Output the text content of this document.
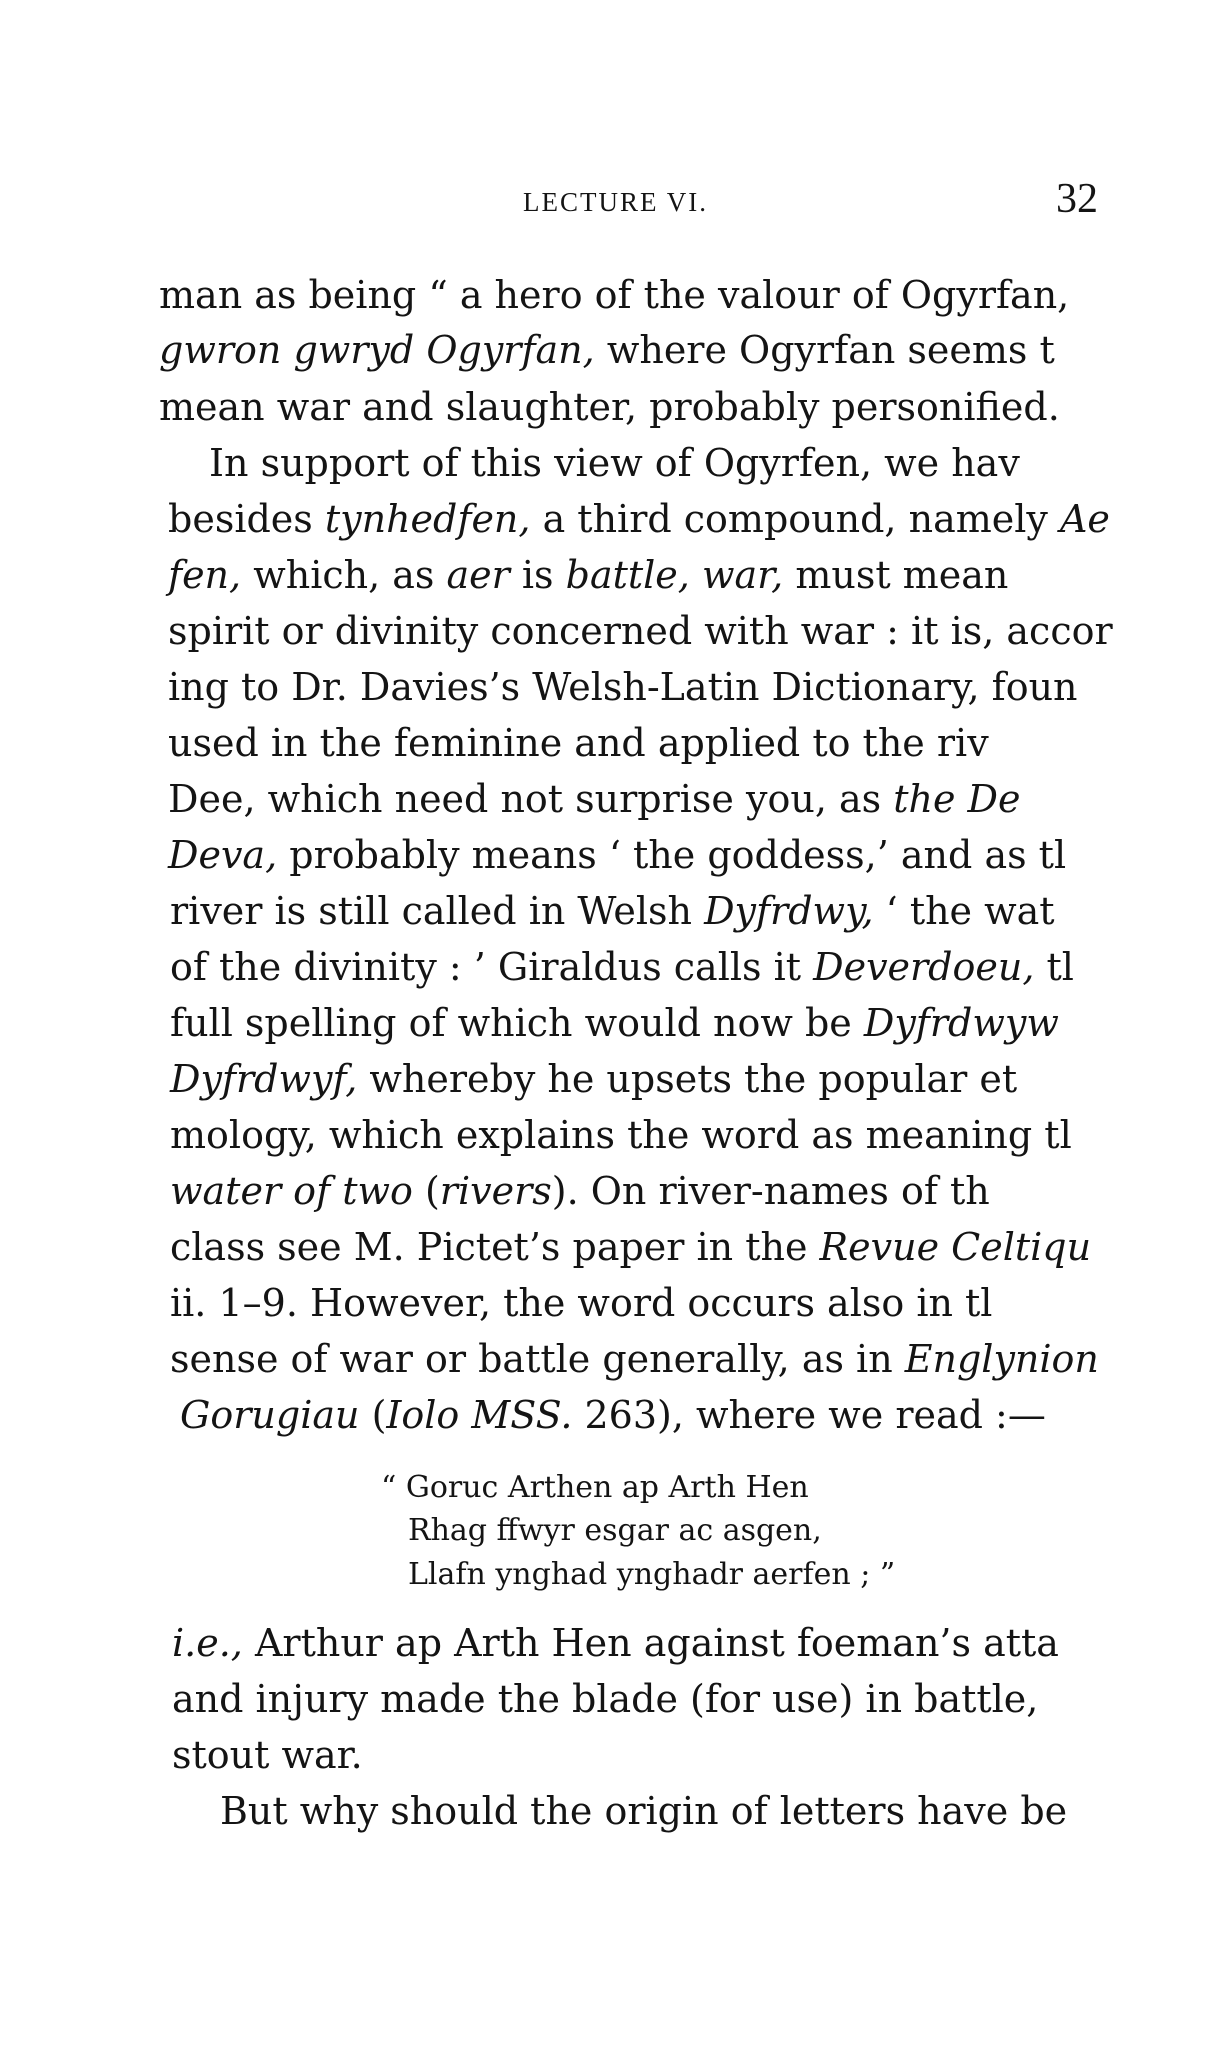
LECTURE VI.	32
man as being “ a hero of the valour of Ogyrfan,
gwron gwryd Ogyrfan, where Ogyrfan seems t
mean war and slaughter, probably personified.
In support of this view of Ogyrfen, we hav
besides tynhedfen, a third compound, namely Ae
fen, which, as aer is battle, war, must mean
spirit or divinity concerned with war : it is, accor
ing to Dr. Davies’s Welsh-Latin Dictionary, foun
used in the feminine and applied to the riv
Dee, which need not surprise you, as the De
Deva, probably means ‘ the goddess,’ and as tl
river is still called in Welsh Dyfrdwy, ‘ the wat
of the divinity : ’ Giraldus calls it Deverdoeu, tl
full spelling of which would now be Dyfrdwyw
Dyfrdwyf, whereby he upsets the popular et
mology, which explains the word as meaning tl
water of two (rivers). On river-names of th
class see M. Pictet’s paper in the Revue Celtiqu
ii. 1–9. However, the word occurs also in tl
sense of war or battle generally, as in Englynion
Gorugiau (Iolo MSS. 263), where we read :—
“ Goruc Arthen ap Arth Hen
Rhag ffwyr esgar ac asgen,
Llafn ynghad ynghadr aerfen ; ”
i.e., Arthur ap Arth Hen against foeman’s atta
and injury made the blade (for use) in battle,
stout war.
But why should the origin of letters have be
